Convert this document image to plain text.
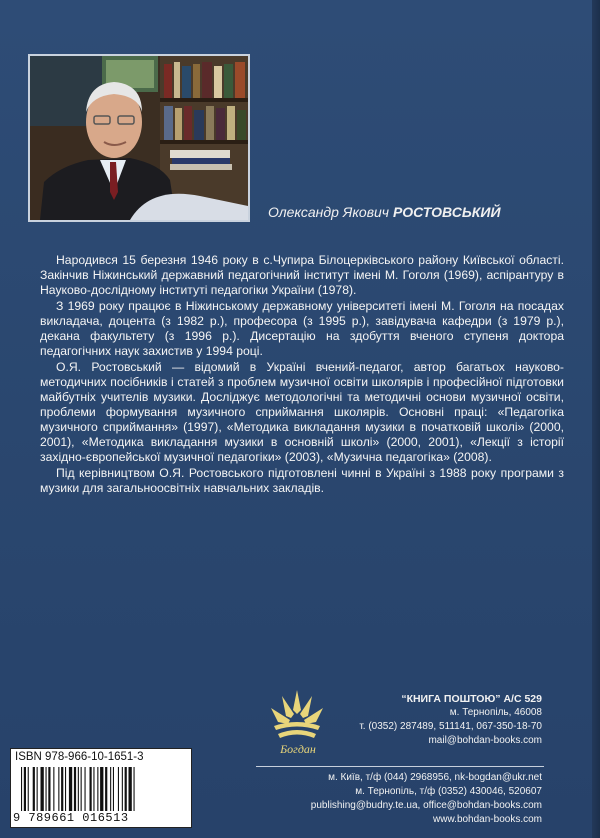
Олександр Якович РОСТОВСЬКИЙ

Народився 15 березня 1946 року в с.Чупира Білоцерківського району Київської області. Закінчив Ніжинський державний педагогічний інститут імені М. Гоголя (1969), аспірантуру в Науково-дослідному інституті педагогіки України (1978).

З 1969 року працює в Ніжинському державному університеті імені М. Гоголя на посадах викладача, доцента (з 1982 р.), професора (з 1995 р.), завідувача кафедри (з 1979 р.), декана факультету (з 1996 р.). Дисертацію на здобуття вченого ступеня доктора педагогічних наук захистив у 1994 році.

О.Я. Ростовський — відомий в Україні вчений-педагог, автор багатьох науково-методичних посібників і статей з проблем музичної освіти школярів і професійної підготовки майбутніх учителів музики. Досліджує методологічні та методичні основи музичної освіти, проблеми формування музичного сприймання школярів. Основні праці: «Педагогіка музичного сприймання» (1997), «Методика викладання музики в початковій школі» (2000, 2001), «Методика викладання музики в основній школі» (2000, 2001), «Лекції з історії західно-європейської музичної педагогіки» (2003), «Музична педагогіка» (2008).

Під керівництвом О.Я. Ростовського підготовлені чинні в Україні з 1988 року програми з музики для загальноосвітніх навчальних закладів.

Богдан
“КНИГА ПОШТОЮ” А/С 529
м. Тернопіль, 46008
т. (0352) 287489, 511141, 067-350-18-70
mail@bohdan-books.com
м. Київ, т/ф (044) 2968956, nk-bogdan@ukr.net
м. Тернопіль, т/ф (0352) 430046, 520607
publishing@budny.te.ua, office@bohdan-books.com
www.bohdan-books.com
ISBN 978-966-10-1651-3
9 789661 016513
